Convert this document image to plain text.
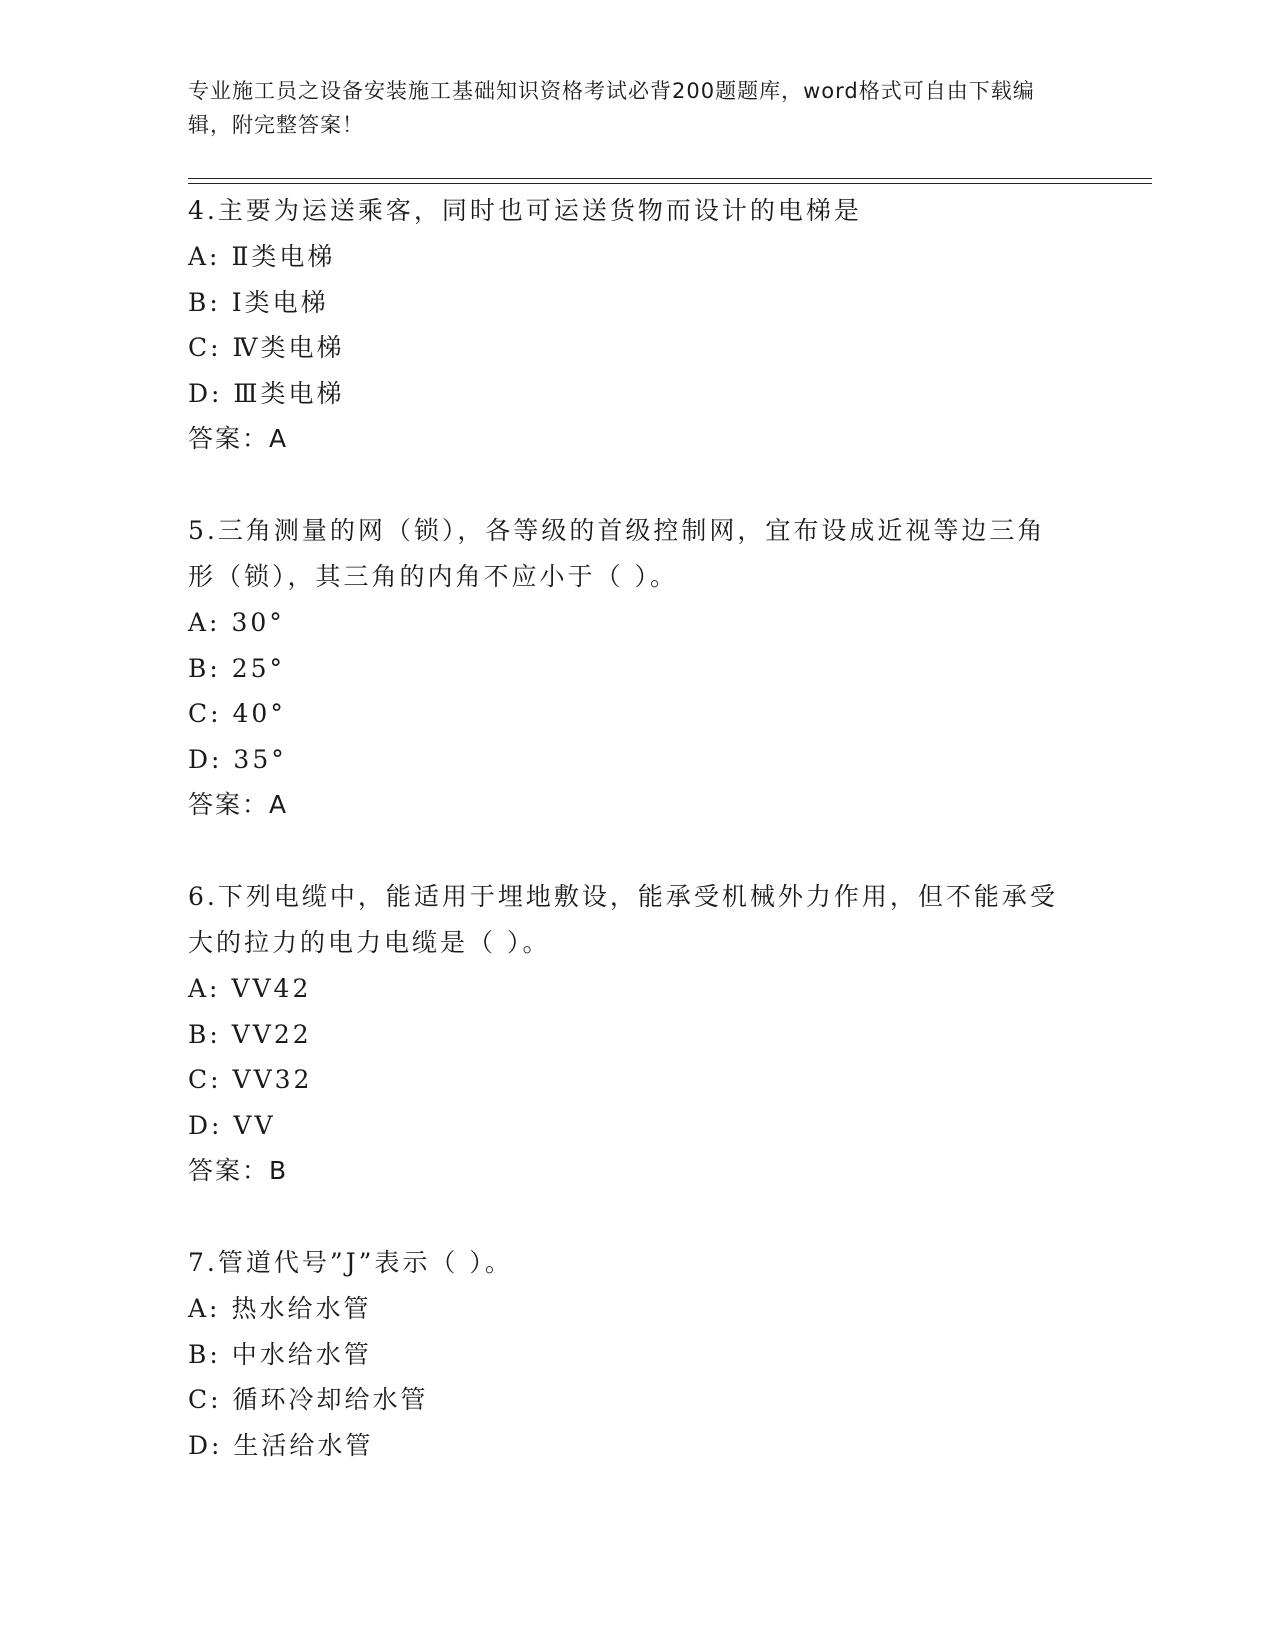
专业施工员之设备安装施工基础知识资格考试必背200题题库，word格式可自由下载编辑，附完整答案！
4.主要为运送乘客，同时也可运送货物而设计的电梯是
A: Ⅱ类电梯
B: Ⅰ类电梯
C: Ⅳ类电梯
D: Ⅲ类电梯
答案：A
5.三角测量的网（锁），各等级的首级控制网，宜布设成近视等边三角形（锁），其三角的内角不应小于（ ）。
A: 30°
B: 25°
C: 40°
D: 35°
答案：A
6.下列电缆中，能适用于埋地敷设，能承受机械外力作用，但不能承受大的拉力的电力电缆是（ ）。
A: VV42
B: VV22
C: VV32
D: VV
答案：B
7.管道代号”J”表示（ ）。
A: 热水给水管
B: 中水给水管
C: 循环冷却给水管
D: 生活给水管
